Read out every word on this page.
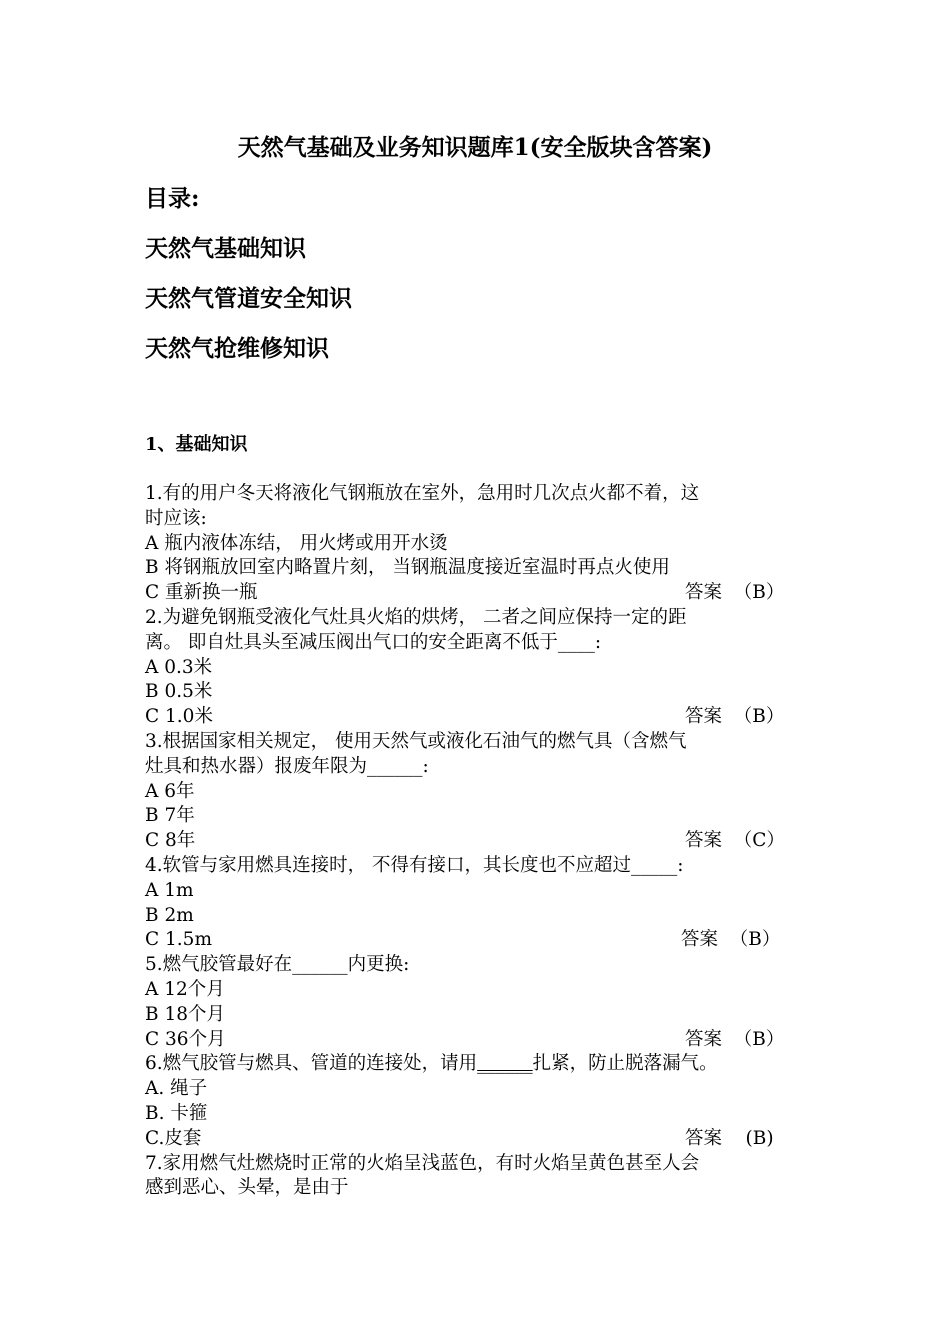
天然气基础及业务知识题库1(安全版块含答案)
目录:
天然气基础知识
天然气管道安全知识
天然气抢维修知识
1、基础知识
1.有的用户冬天将液化气钢瓶放在室外，急用时几次点火都不着，这
时应该:
A 瓶内液体冻结， 用火烤或用开水烫
B 将钢瓶放回室内略置片刻， 当钢瓶温度接近室温时再点火使用
C 重新换一瓶	答案  （B）
2.为避免钢瓶受液化气灶具火焰的烘烤， 二者之间应保持一定的距
离。 即自灶具头至减压阀出气口的安全距离不低于____:
A 0.3米
B 0.5米
C 1.0米	答案  （B）
3.根据国家相关规定， 使用天然气或液化石油气的燃气具（含燃气
灶具和热水器）报废年限为______:
A 6年
B 7年
C 8年	答案  （C）
4.软管与家用燃具连接时， 不得有接口，其长度也不应超过_____:
A 1m
B 2m
C 1.5m	答案  （B）
5.燃气胶管最好在______内更换:
A 12个月
B 18个月
C 36个月	答案  （B）
6.燃气胶管与燃具、管道的连接处，请用______扎紧，防止脱落漏气。
A. 绳子
B. 卡箍
C.皮套	答案    (B)
7.家用燃气灶燃烧时正常的火焰呈浅蓝色，有时火焰呈黄色甚至人会
感到恶心、头晕，是由于
